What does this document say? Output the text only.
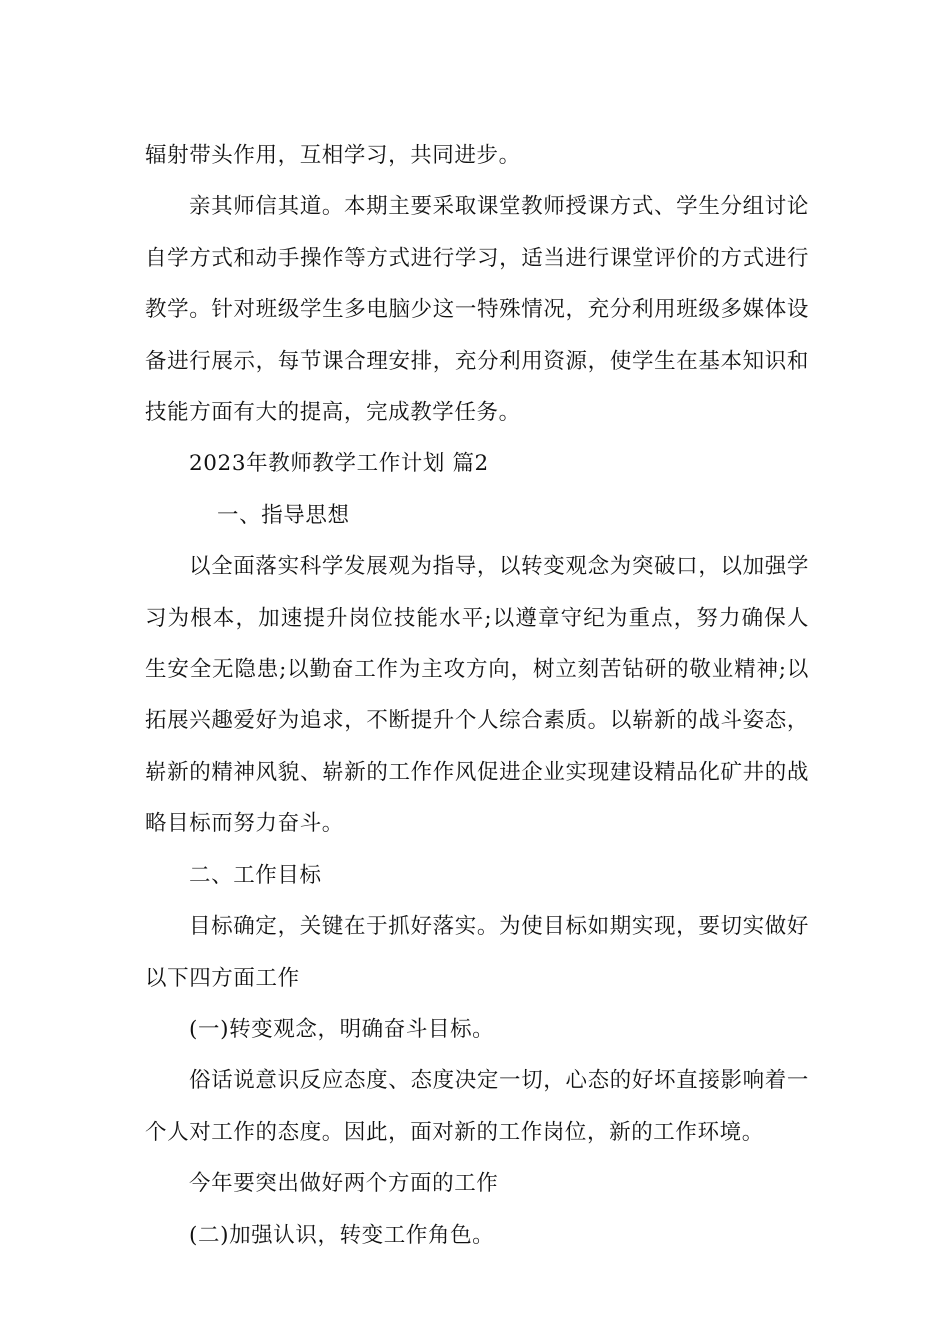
辐射带头作用，互相学习，共同进步。

亲其师信其道。本期主要采取课堂教师授课方式、学生分组讨论自学方式和动手操作等方式进行学习，适当进行课堂评价的方式进行教学。针对班级学生多电脑少这一特殊情况，充分利用班级多媒体设备进行展示，每节课合理安排，充分利用资源，使学生在基本知识和技能方面有大的提高，完成教学任务。

2023年教师教学工作计划 篇2

一、指导思想

以全面落实科学发展观为指导，以转变观念为突破口，以加强学习为根本，加速提升岗位技能水平;以遵章守纪为重点，努力确保人生安全无隐患;以勤奋工作为主攻方向，树立刻苦钻研的敬业精神;以拓展兴趣爱好为追求，不断提升个人综合素质。以崭新的战斗姿态，崭新的精神风貌、崭新的工作作风促进企业实现建设精品化矿井的战略目标而努力奋斗。

二、工作目标

目标确定，关键在于抓好落实。为使目标如期实现，要切实做好以下四方面工作

(一)转变观念，明确奋斗目标。

俗话说意识反应态度、态度决定一切，心态的好坏直接影响着一个人对工作的态度。因此，面对新的工作岗位，新的工作环境。

今年要突出做好两个方面的工作

(二)加强认识，转变工作角色。
